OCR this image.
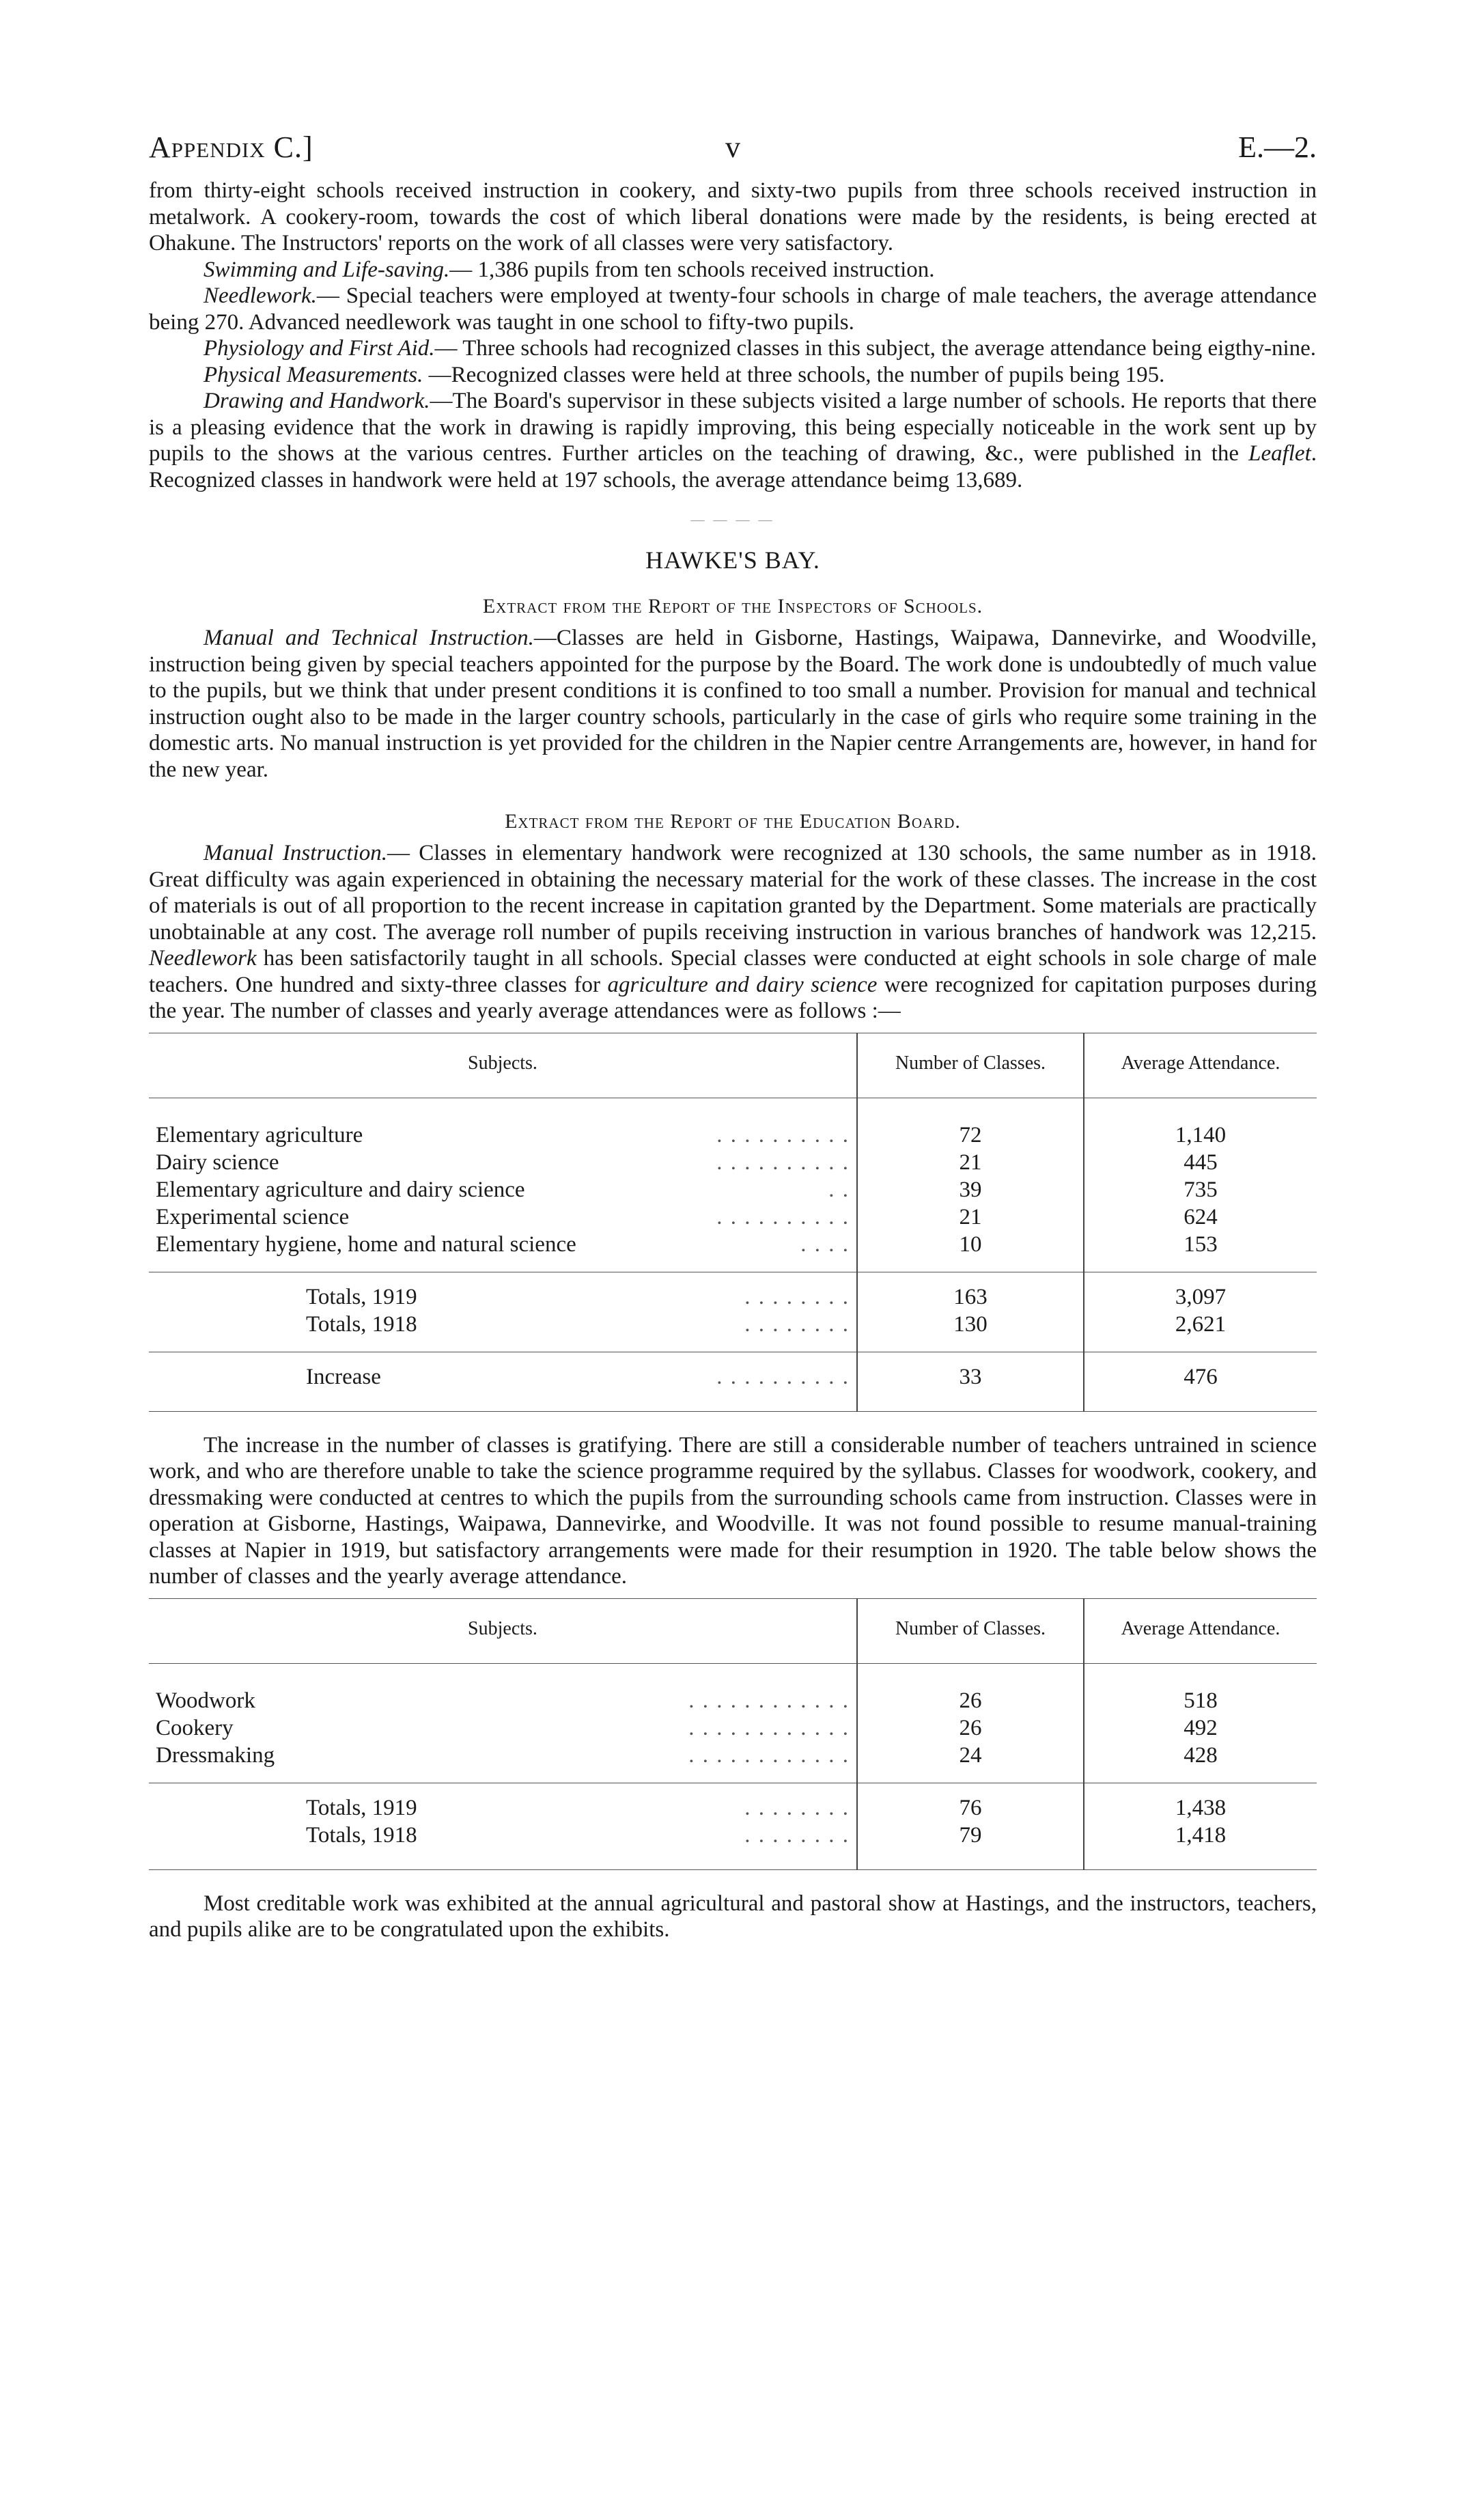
Appendix C.]	v	E.—2.

from thirty-eight schools received instruction in cookery, and sixty-two pupils from three schools received instruction in metalwork. A cookery-room, towards the cost of which liberal donations were made by the residents, is being erected at Ohakune. The Instructors' reports on the work of all classes were very satisfactory.

Swimming and Life-saving.— 1,386 pupils from ten schools received instruction.

Needlework.— Special teachers were employed at twenty-four schools in charge of male teachers, the average attendance being 270. Advanced needlework was taught in one school to fifty-two pupils.

Physiology and First Aid.— Three schools had recognized classes in this subject, the average attendance being eigthy-nine.

Physical Measurements. —Recognized classes were held at three schools, the number of pupils being 195.

Drawing and Handwork.—The Board's supervisor in these subjects visited a large number of schools. He reports that there is a pleasing evidence that the work in drawing is rapidly improving, this being especially noticeable in the work sent up by pupils to the shows at the various centres. Further articles on the teaching of drawing, &c., were published in the Leaflet. Recognized classes in handwork were held at 197 schools, the average attendance beimg 13,689.

— — — —
HAWKE'S BAY.
Extract from the Report of the Inspectors of Schools.

Manual and Technical Instruction.—Classes are held in Gisborne, Hastings, Waipawa, Dannevirke, and Woodville, instruction being given by special teachers appointed for the purpose by the Board. The work done is undoubtedly of much value to the pupils, but we think that under present conditions it is confined to too small a number. Provision for manual and technical instruction ought also to be made in the larger country schools, particularly in the case of girls who require some training in the domestic arts. No manual instruction is yet provided for the children in the Napier centre Arrangements are, however, in hand for the new year.

Extract from the Report of the Education Board.

Manual Instruction.— Classes in elementary handwork were recognized at 130 schools, the same number as in 1918. Great difficulty was again experienced in obtaining the necessary material for the work of these classes. The increase in the cost of materials is out of all proportion to the recent increase in capitation granted by the Department. Some materials are practically unobtainable at any cost. The average roll number of pupils receiving instruction in various branches of handwork was 12,215. Needlework has been satisfactorily taught in all schools. Special classes were conducted at eight schools in sole charge of male teachers. One hundred and sixty-three classes for agriculture and dairy science were recognized for capitation purposes during the year. The number of classes and yearly average attendances were as follows :—

Subjects.	Number of Classes.	Average Attendance.
Elementary agriculture . . . . . . . . . .	72	1,140
Dairy science . . . . . . . . . .	21	445
Elementary agriculture and dairy science . .	39	735
Experimental science . . . . . . . . . .	21	624
Elementary hygiene, home and natural science . . . .	10	153
Totals, 1919 . . . . . . . .	163	3,097
Totals, 1918 . . . . . . . .	130	2,621
Increase . . . . . . . . . .	33	476

The increase in the number of classes is gratifying. There are still a considerable number of teachers untrained in science work, and who are therefore unable to take the science programme required by the syllabus. Classes for woodwork, cookery, and dressmaking were conducted at centres to which the pupils from the surrounding schools came from instruction. Classes were in operation at Gisborne, Hastings, Waipawa, Dannevirke, and Woodville. It was not found possible to resume manual-training classes at Napier in 1919, but satisfactory arrangements were made for their resumption in 1920. The table below shows the number of classes and the yearly average attendance.

Subjects.	Number of Classes.	Average Attendance.
Woodwork . . . . . . . . . . . .	26	518
Cookery . . . . . . . . . . . .	26	492
Dressmaking . . . . . . . . . . . .	24	428
Totals, 1919 . . . . . . . .	76	1,438
Totals, 1918 . . . . . . . .	79	1,418

Most creditable work was exhibited at the annual agricultural and pastoral show at Hastings, and the instructors, teachers, and pupils alike are to be congratulated upon the exhibits.
